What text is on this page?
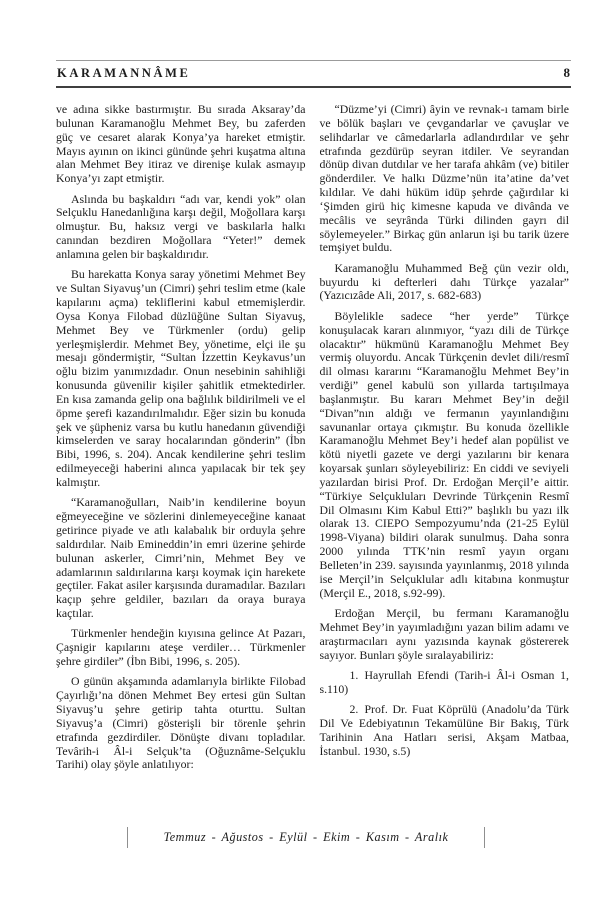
KARAMANNÂME	8

ve adına sikke bastırmıştır. Bu sırada Aksaray’da bulunan Karamanoğlu Mehmet Bey, bu zaferden güç ve cesaret alarak Konya’ya hareket etmiştir. Mayıs ayının on ikinci gününde şehri kuşatma altına alan Mehmet Bey itiraz ve direnişe kulak asmayıp Konya’yı zapt etmiştir.

Aslında bu başkaldırı “adı var, kendi yok” olan Selçuklu Hanedanlığına karşı değil, Moğollara karşı olmuştur. Bu, haksız vergi ve baskılarla halkı canından bezdiren Moğollara “Yeter!” demek anlamına gelen bir başkaldırıdır.

Bu harekatta Konya saray yönetimi Mehmet Bey ve Sultan Siyavuş’un (Cimri) şehri teslim etme (kale kapılarını açma) tekliflerini kabul etmemişlerdir. Oysa Konya Filobad düzlüğüne Sultan Siyavuş, Mehmet Bey ve Türkmenler (ordu) gelip yerleşmişlerdir. Mehmet Bey, yönetime, elçi ile şu mesajı göndermiştir, “Sultan İzzettin Keykavus’un oğlu bizim yanımızdadır. Onun nesebinin sahihliği konusunda güvenilir kişiler şahitlik etmektedirler. En kısa zamanda gelip ona bağlılık bildirilmeli ve el öpme şerefi kazandırılmalıdır. Eğer sizin bu konuda şek ve şüpheniz varsa bu kutlu hanedanın güvendiği kimselerden ve saray hocalarından gönderin” (İbn Bibi, 1996, s. 204). Ancak kendilerine şehri teslim edilmeyeceği haberini alınca yapılacak bir tek şey kalmıştır.

“Karamanoğulları, Naib’in kendilerine boyun eğmeyeceğine ve sözlerini dinlemeyeceğine kanaat getirince piyade ve atlı kalabalık bir orduyla şehre saldırdılar. Naib Emineddin’in emri üzerine şehirde bulunan askerler, Cimri’nin, Mehmet Bey ve adamlarının saldırılarına karşı koymak için harekete geçtiler. Fakat asiler karşısında duramadılar. Bazıları kaçıp şehre geldiler, bazıları da oraya buraya kaçtılar.

Türkmenler hendeğin kıyısına gelince At Pazarı, Çaşnigir kapılarını ateşe verdiler… Türkmenler şehre girdiler” (İbn Bibi, 1996, s. 205).

O günün akşamında adamlarıyla birlikte Filobad Çayırlığı’na dönen Mehmet Bey ertesi gün Sultan Siyavuş’u şehre getirip tahta oturttu. Sultan Siyavuş’a (Cimri) gösterişli bir törenle şehrin etrafında gezdirdiler. Dönüşte divanı topladılar. Tevârih-i Âl-i Selçuk’ta (Oğuznâme-Selçuklu Tarihi) olay şöyle anlatılıyor:

“Düzme’yi (Cimri) âyin ve revnak-ı tamam birle ve bölük başları ve çevgandarlar ve çavuşlar ve selihdarlar ve câmedarlarla adlandırdılar ve şehr etrafında gezdürüp seyran itdiler. Ve seyrandan dönüp divan dutdılar ve her tarafa ahkâm (ve) bitiler gönderdiler. Ve halkı Düzme’nün ita’atine da’vet kıldılar. Ve dahi hüküm idüp şehrde çağırdılar ki ‘Şimden girü hiç kimesne kapuda ve divânda ve mecâlis ve seyrânda Türki dilinden gayrı dil söylemeyeler.” Birkaç gün anlarun işi bu tarik üzere temşiyet buldu.

Karamanoğlu Muhammed Beğ çün vezir oldı, buyurdu ki defterleri dahı Türkçe yazalar” (Yazıcızâde Ali, 2017, s. 682-683)

Böylelikle sadece “her yerde” Türkçe konuşulacak kararı alınmıyor, “yazı dili de Türkçe olacaktır” hükmünü Karamanoğlu Mehmet Bey vermiş oluyordu. Ancak Türkçenin devlet dili/resmî dil olması kararını “Karamanoğlu Mehmet Bey’in verdiği” genel kabulü son yıllarda tartışılmaya başlanmıştır. Bu kararı Mehmet Bey’in değil “Divan”nın aldığı ve fermanın yayınlandığını savunanlar ortaya çıkmıştır. Bu konuda özellikle Karamanoğlu Mehmet Bey’i hedef alan popülist ve kötü niyetli gazete ve dergi yazılarını bir kenara koyarsak şunları söyleyebiliriz: En ciddi ve seviyeli yazılardan birisi Prof. Dr. Erdoğan Merçil’e aittir. “Türkiye Selçukluları Devrinde Türkçenin Resmî Dil Olmasını Kim Kabul Etti?” başlıklı bu yazı ilk olarak 13. CIEPO Sempozyumu’nda (21-25 Eylül 1998-Viyana) bildiri olarak sunulmuş. Daha sonra 2000 yılında TTK’nin resmî yayın organı Belleten’in 239. sayısında yayınlanmış, 2018 yılında ise Merçil’in Selçuklular adlı kitabına konmuştur (Merçil E., 2018, s.92-99).

Erdoğan Merçil, bu fermanı Karamanoğlu Mehmet Bey’in yayımladığını yazan bilim adamı ve araştırmacıları aynı yazısında kaynak göstererek sayıyor. Bunları şöyle sıralayabiliriz:

1. Hayrullah Efendi (Tarih-i Âl-i Osman 1, s.110)

2. Prof. Dr. Fuat Köprülü (Anadolu’da Türk Dil Ve Edebiyatının Tekamülüne Bir Bakış, Türk Tarihinin Ana Hatları serisi, Akşam Matbaa, İstanbul. 1930, s.5)

Temmuz - Ağustos - Eylül - Ekim - Kasım - Aralık
